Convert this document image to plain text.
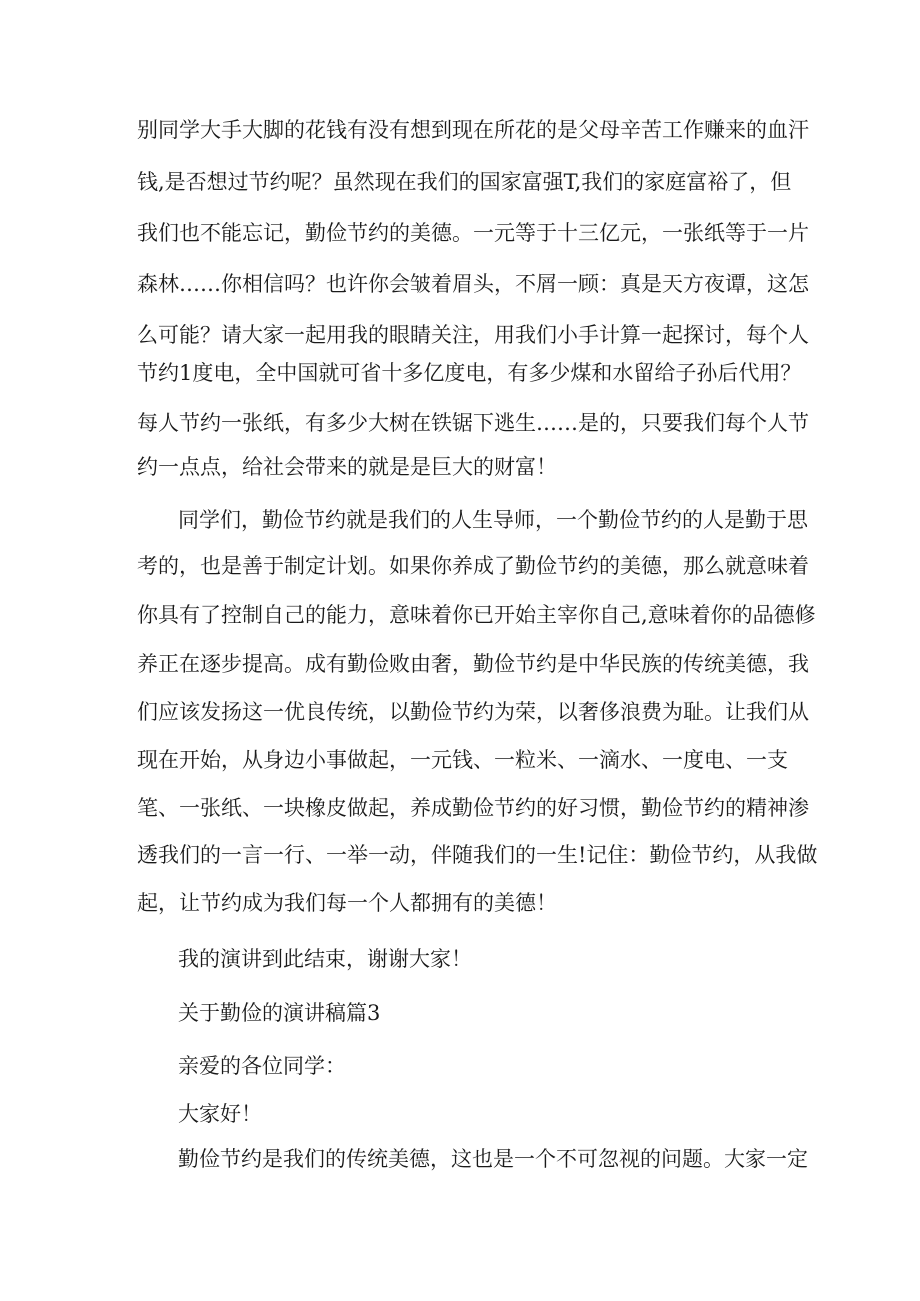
别同学大手大脚的花钱有没有想到现在所花的是父母辛苦工作赚来的血汗
钱,是否想过节约呢？虽然现在我们的国家富强T,我们的家庭富裕了，但
我们也不能忘记，勤俭节约的美德。一元等于十三亿元，一张纸等于一片
森林……你相信吗？也许你会皱着眉头，不屑一顾：真是天方夜谭，这怎
么可能？请大家一起用我的眼睛关注，用我们小手计算一起探讨，每个人
节约1度电，全中国就可省十多亿度电，有多少煤和水留给子孙后代用？
每人节约一张纸，有多少大树在铁锯下逃生……是的，只要我们每个人节
约一点点，给社会带来的就是是巨大的财富！
同学们，勤俭节约就是我们的人生导师，一个勤俭节约的人是勤于思
考的，也是善于制定计划。如果你养成了勤俭节约的美德，那么就意味着
你具有了控制自己的能力，意味着你已开始主宰你自己,意味着你的品德修
养正在逐步提高。成有勤俭败由奢，勤俭节约是中华民族的传统美德，我
们应该发扬这一优良传统，以勤俭节约为荣，以奢侈浪费为耻。让我们从
现在开始，从身边小事做起，一元钱、一粒米、一滴水、一度电、一支
笔、一张纸、一块橡皮做起，养成勤俭节约的好习惯，勤俭节约的精神渗
透我们的一言一行、一举一动，伴随我们的一生!记住：勤俭节约，从我做
起，让节约成为我们每一个人都拥有的美德！
我的演讲到此结束，谢谢大家！
关于勤俭的演讲稿篇3
亲爱的各位同学：
大家好！
勤俭节约是我们的传统美德，这也是一个不可忽视的问题。大家一定
